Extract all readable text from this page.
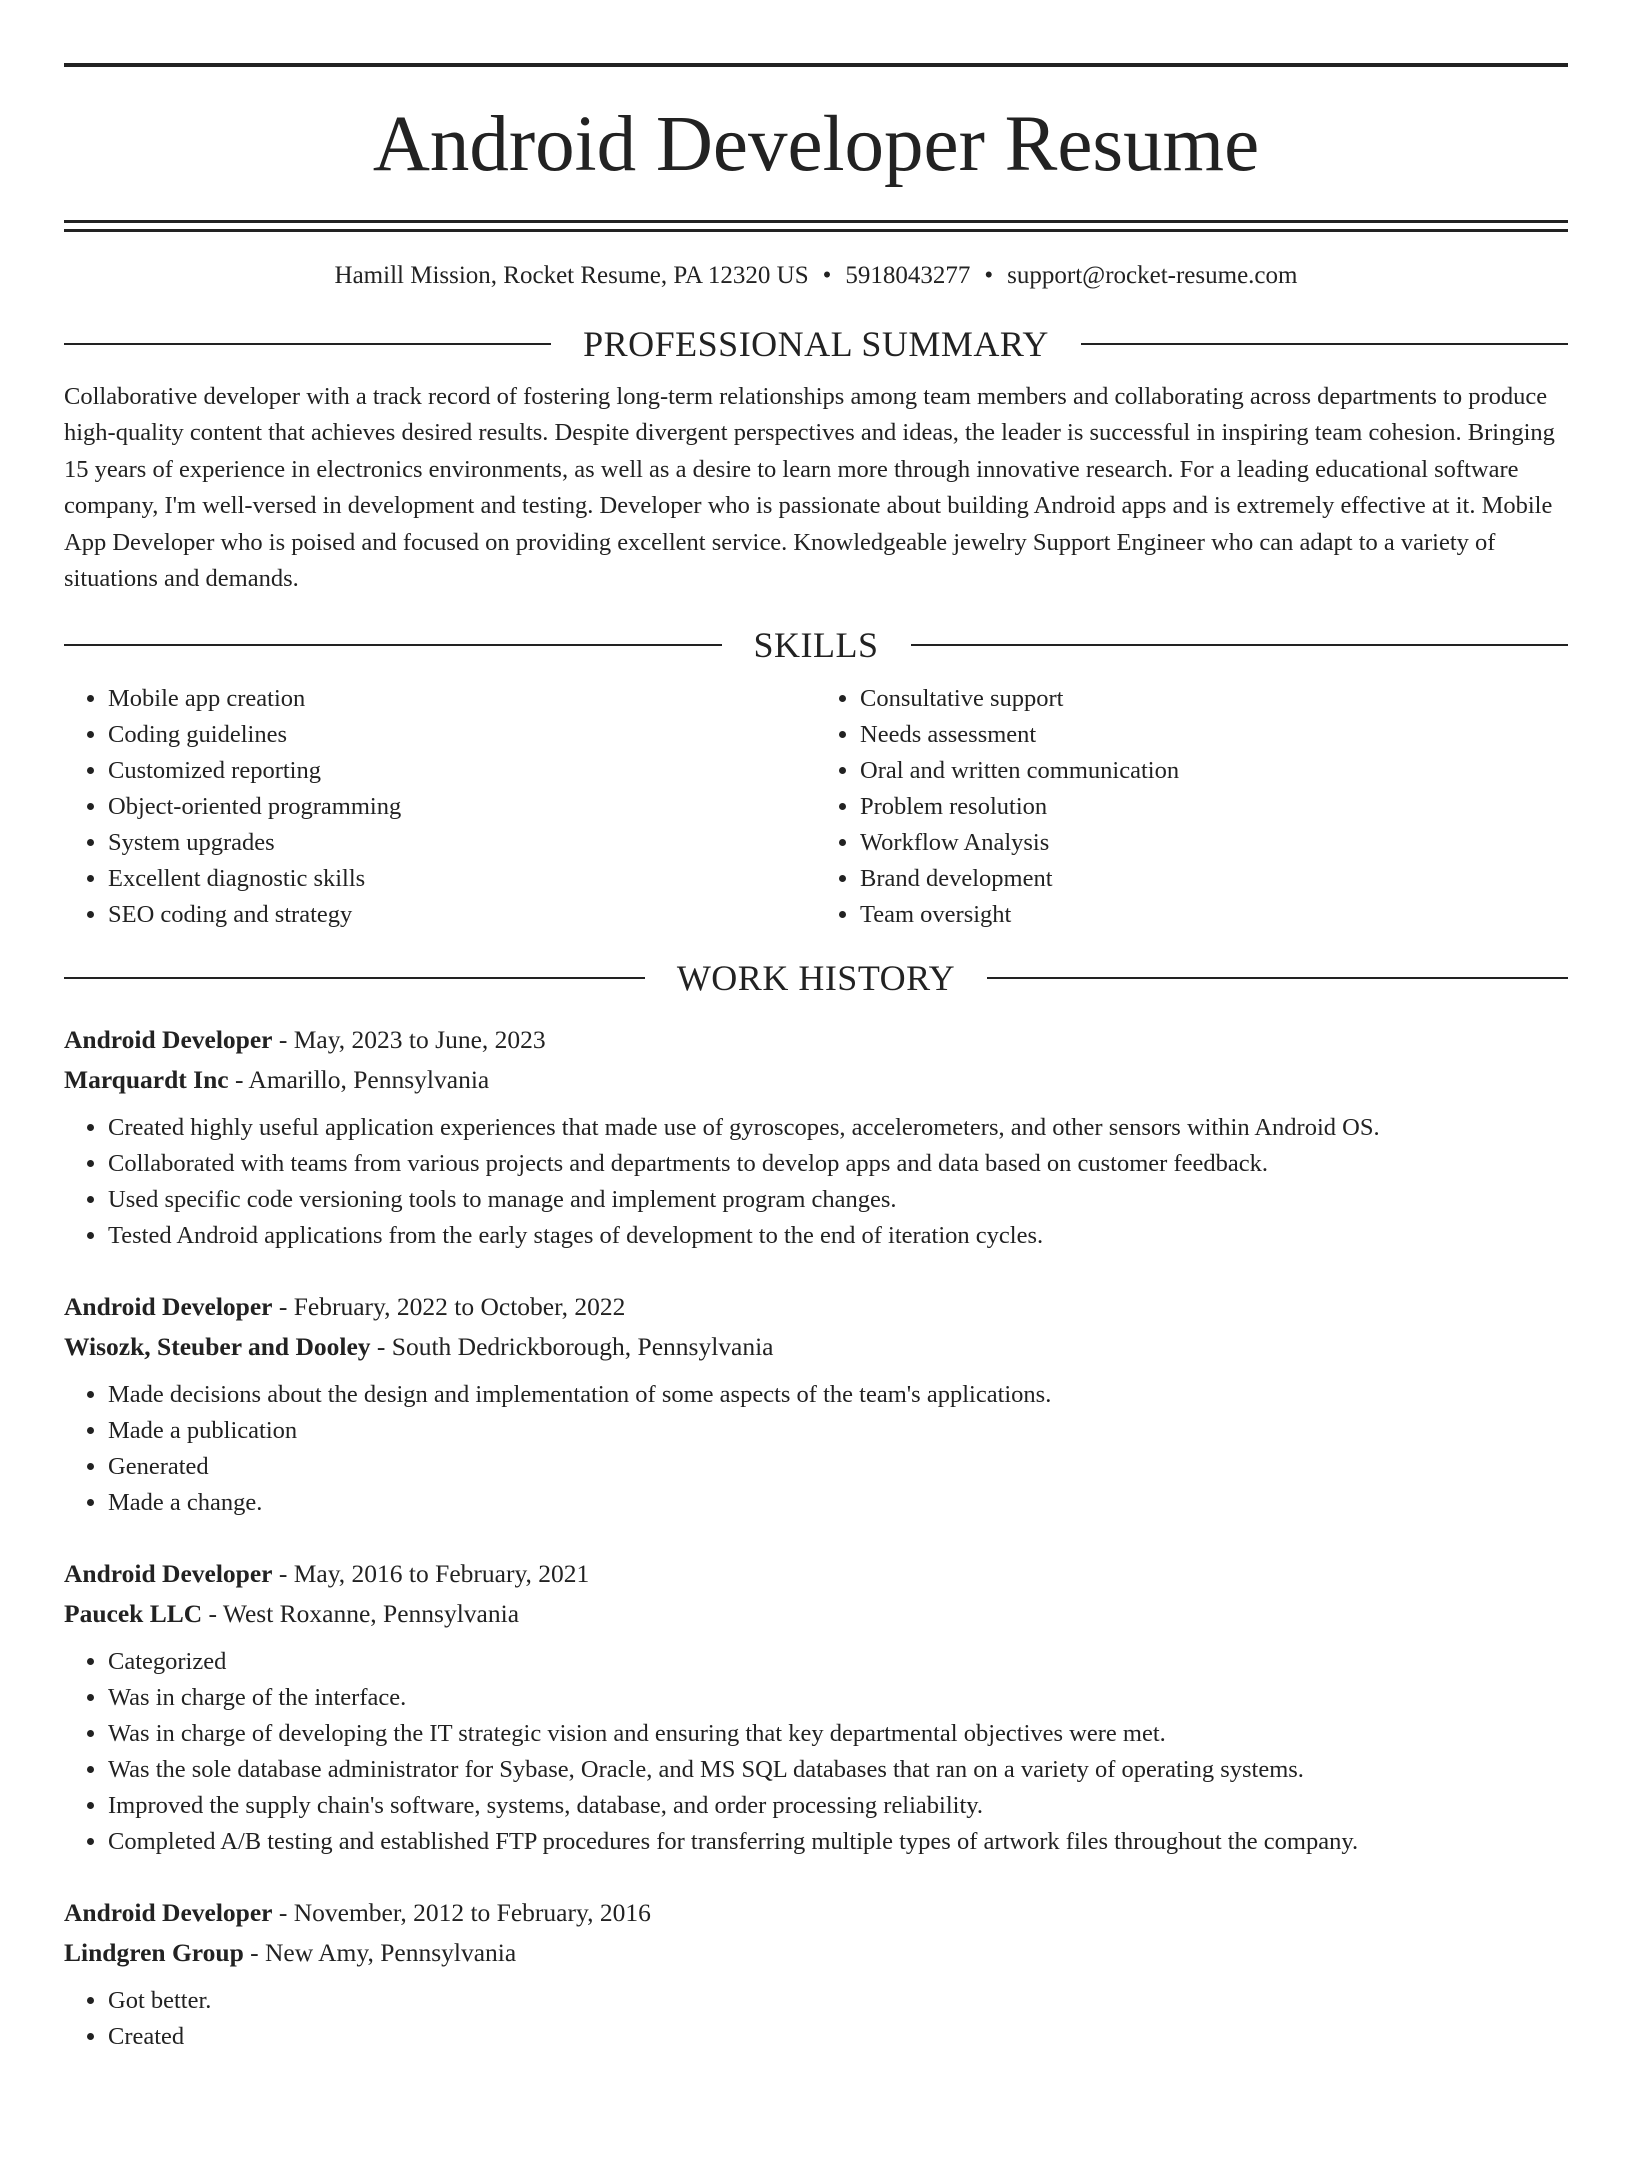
Android Developer Resume
Hamill Mission, Rocket Resume, PA 12320 US • 5918043277 • support@rocket-resume.com
PROFESSIONAL SUMMARY
Collaborative developer with a track record of fostering long-term relationships among team members and collaborating across departments to produce high-quality content that achieves desired results. Despite divergent perspectives and ideas, the leader is successful in inspiring team cohesion. Bringing 15 years of experience in electronics environments, as well as a desire to learn more through innovative research. For a leading educational software company, I'm well-versed in development and testing. Developer who is passionate about building Android apps and is extremely effective at it. Mobile App Developer who is poised and focused on providing excellent service. Knowledgeable jewelry Support Engineer who can adapt to a variety of situations and demands.
SKILLS
• Mobile app creation
• Coding guidelines
• Customized reporting
• Object-oriented programming
• System upgrades
• Excellent diagnostic skills
• SEO coding and strategy
• Consultative support
• Needs assessment
• Oral and written communication
• Problem resolution
• Workflow Analysis
• Brand development
• Team oversight
WORK HISTORY
Android Developer - May, 2023 to June, 2023
Marquardt Inc - Amarillo, Pennsylvania
• Created highly useful application experiences that made use of gyroscopes, accelerometers, and other sensors within Android OS.
• Collaborated with teams from various projects and departments to develop apps and data based on customer feedback.
• Used specific code versioning tools to manage and implement program changes.
• Tested Android applications from the early stages of development to the end of iteration cycles.
Android Developer - February, 2022 to October, 2022
Wisozk, Steuber and Dooley - South Dedrickborough, Pennsylvania
• Made decisions about the design and implementation of some aspects of the team's applications.
• Made a publication
• Generated
• Made a change.
Android Developer - May, 2016 to February, 2021
Paucek LLC - West Roxanne, Pennsylvania
• Categorized
• Was in charge of the interface.
• Was in charge of developing the IT strategic vision and ensuring that key departmental objectives were met.
• Was the sole database administrator for Sybase, Oracle, and MS SQL databases that ran on a variety of operating systems.
• Improved the supply chain's software, systems, database, and order processing reliability.
• Completed A/B testing and established FTP procedures for transferring multiple types of artwork files throughout the company.
Android Developer - November, 2012 to February, 2016
Lindgren Group - New Amy, Pennsylvania
• Got better.
• Created
